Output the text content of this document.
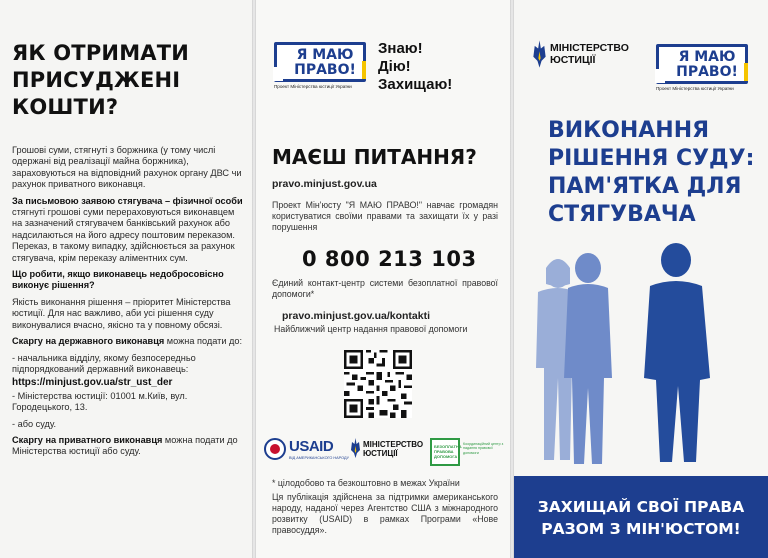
ЯК ОТРИМАТИ ПРИСУДЖЕНІ КОШТИ?

Грошові суми, стягнуті з боржника (у тому числі одержані від реалізації майна боржника), зараховуються на відповідний рахунок органу ДВС чи рахунок приватного виконавця.

За письмовою заявою стягувача – фізичної особи стягнуті грошові суми перераховуються виконавцем на зазначений стягувачем банківський рахунок або надсилаються на його адресу поштовим переказом. Переказ, в такому випадку, здійснюється за рахунок стягувача, крім переказу аліментних сум.

Що робити, якщо виконавець недобросовісно виконує рішення?

Якість виконання рішення – пріоритет Міністерства юстиції. Для нас важливо, аби усі рішення суду виконувалися вчасно, якісно та у повному обсязі.

Скаргу на державного виконавця можна подати до:

- начальника відділу, якому безпосередньо підпорядкований державний виконавець:

https://minjust.gov.ua/str_ust_der

- Міністерства юстиції: 01001 м.Київ, вул. Городецького, 13.

- або суду.

Скаргу на приватного виконавця можна подати до Міністерства юстиції або суду.

Я МАЮ
ПРАВО!
Проект Міністерства юстиції України
Знаю!
Дію!
Захищаю!
МАЄШ ПИТАННЯ?
pravo.minjust.gov.ua
Проект Мін'юсту "Я МАЮ ПРАВО!" навчає громадян користуватися своїми правами та захищати їх у разі порушення
0 800 213 103
Єдиний контакт-центр системи безоплатної правової допомоги*
pravo.minjust.gov.ua/kontakti
Найближчий центр надання правової допомоги
USAID
ВІД АМЕРИКАНСЬКОГО НАРОДУ
МІНІСТЕРСТВО
ЮСТИЦІЇ
БЕЗОПЛАТНА ПРАВОВА ДОПОМОГА
Координаційний центр з надання правової допомоги
* цілодобово та безкоштовно в межах України
Ця публікація здійснена за підтримки американського народу, наданої через Агентство США з міжнародного розвитку (USAID) в рамках Програми «Нове правосуддя».
МІНІСТЕРСТВО
ЮСТИЦІЇ	Я МАЮ
ПРАВО!
Проект Міністерства юстиції України
ВИКОНАННЯ
РІШЕННЯ СУДУ:
ПАМ'ЯТКА ДЛЯ
СТЯГУВАЧА
ЗАХИЩАЙ СВОЇ ПРАВА
РАЗОМ З МІН'ЮСТОМ!
